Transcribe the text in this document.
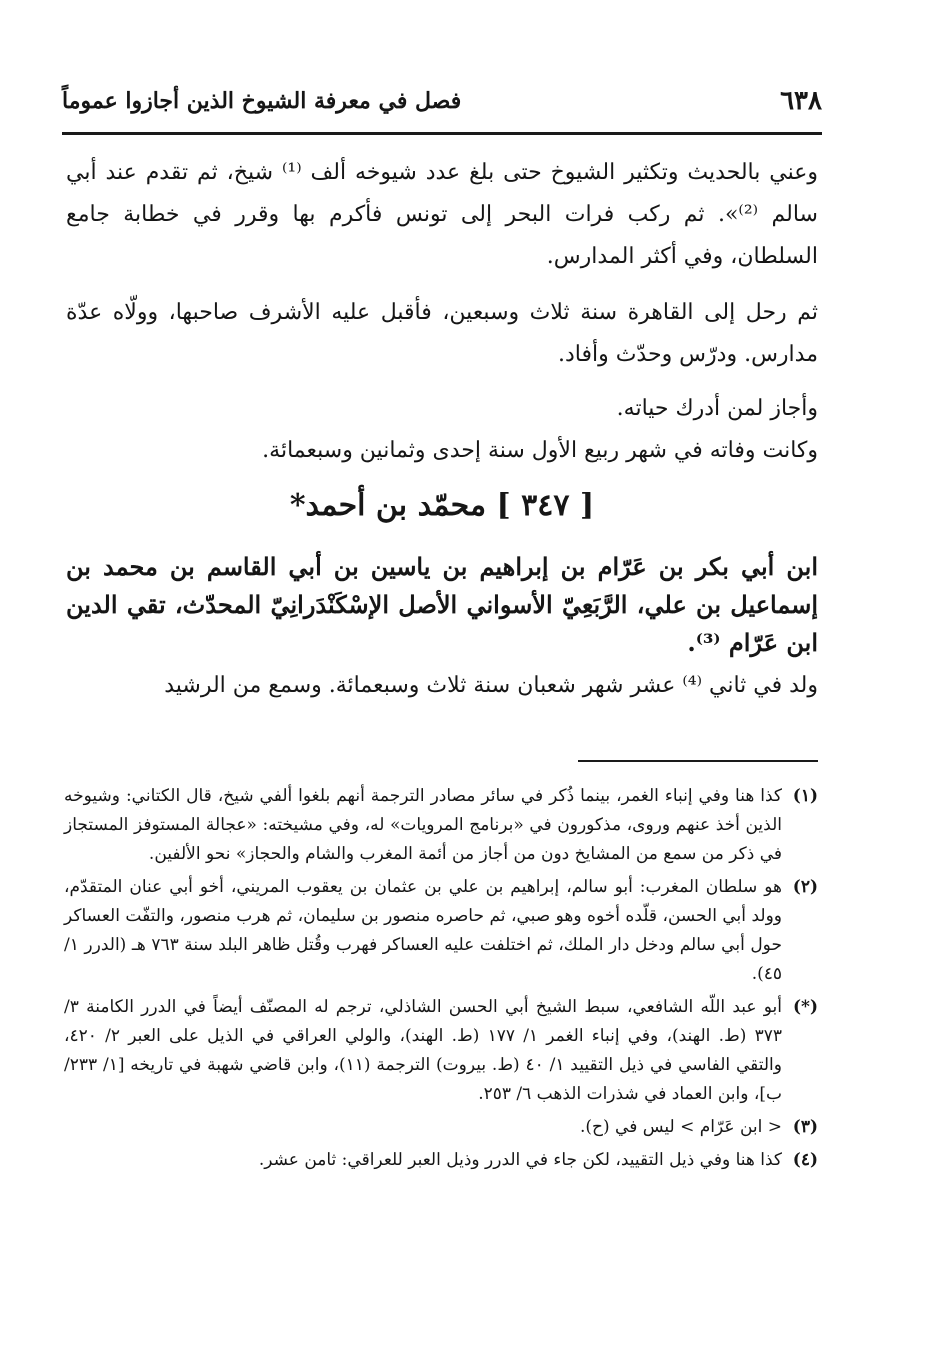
٦٣٨
فصل في معرفة الشيوخ الذين أجازوا عموماً

وعني بالحديث وتكثير الشيوخ حتى بلغ عدد شيوخه ألف ⁽¹⁾ شيخ، ثم تقدم عند أبي سالم ⁽²⁾». ثم ركب فرات البحر إلى تونس فأكرم بها وقرر في خطابة جامع السلطان، وفي أكثر المدارس.

ثم رحل إلى القاهرة سنة ثلاث وسبعين، فأقبل عليه الأشرف صاحبها، وولّاه عدّة مدارس. ودرّس وحدّث وأفاد.

وأجاز لمن أدرك حياته.

وكانت وفاته في شهر ربيع الأول سنة إحدى وثمانين وسبعمائة.

[ ٣٤٧ ] محمّد بن أحمد*
ابن أبي بكر بن عَرّام بن إبراهيم بن ياسين بن أبي القاسم بن محمد بن إسماعيل بن علي، الرَّبَعِيّ الأسواني الأصل الإسْكَنْدَرانِيّ المحدّث، تقي الدين ابن عَرّام ⁽³⁾.
ولد في ثاني ⁽⁴⁾ عشر شهر شعبان سنة ثلاث وسبعمائة. وسمع من الرشيد
(١)
كذا هنا وفي إنباء الغمر، بينما ذُكر في سائر مصادر الترجمة أنهم بلغوا ألفي شيخ، قال الكتاني: وشيوخه الذين أخذ عنهم وروى، مذكورون في «برنامج المرويات» له، وفي مشيخته: «عجالة المستوفز المستجاز في ذكر من سمع من المشايخ دون من أجاز من أئمة المغرب والشام والحجاز» نحو الألفين.
(٢)
هو سلطان المغرب: أبو سالم، إبراهيم بن علي بن عثمان بن يعقوب المريني، أخو أبي عنان المتقدّم، وولد أبي الحسن، قلّده أخوه وهو صبي، ثم حاصره منصور بن سليمان، ثم هرب منصور، والتفّت العساكر حول أبي سالم ودخل دار الملك، ثم اختلفت عليه العساكر فهرب وقُتل ظاهر البلد سنة ٧٦٣ هـ (الدرر ١/ ٤٥).
(*)
أبو عبد اللّه الشافعي، سبط الشيخ أبي الحسن الشاذلي، ترجم له المصنّف أيضاً في الدرر الكامنة ٣/ ٣٧٣ (ط. الهند)، وفي إنباء الغمر ١/ ١٧٧ (ط. الهند)، والولي العراقي في الذيل على العبر ٢/ ٤٢٠، والتقي الفاسي في ذيل التقييد ١/ ٤٠ (ط. بيروت) الترجمة (١١)، وابن قاضي شهبة في تاريخه [١/ ٢٣٣/ب]، وابن العماد في شذرات الذهب ٦/ ٢٥٣.
(٣)
< ابن عَرّام > ليس في (ح).
(٤)
كذا هنا وفي ذيل التقييد، لكن جاء في الدرر وذيل العبر للعراقي: ثامن عشر.
